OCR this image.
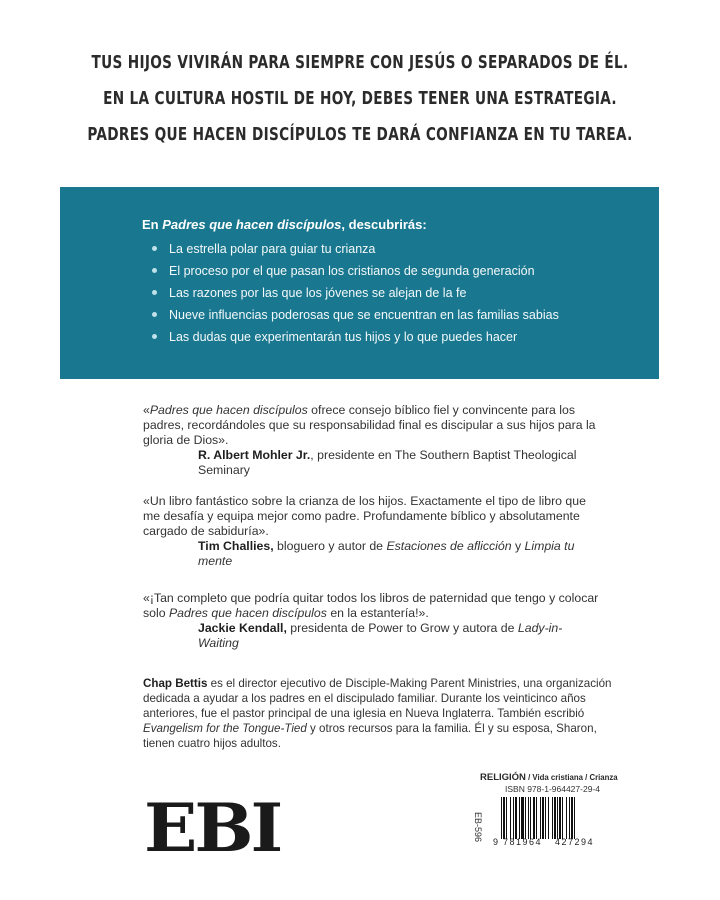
TUS HIJOS VIVIRÁN PARA SIEMPRE CON JESÚS O SEPARADOS DE ÉL.
EN LA CULTURA HOSTIL DE HOY, DEBES TENER UNA ESTRATEGIA.
PADRES QUE HACEN DISCÍPULOS TE DARÁ CONFIANZA EN TU TAREA.
En Padres que hacen discípulos, descubrirás:
La estrella polar para guiar tu crianza
El proceso por el que pasan los cristianos de segunda generación
Las razones por las que los jóvenes se alejan de la fe
Nueve influencias poderosas que se encuentran en las familias sabias
Las dudas que experimentarán tus hijos y lo que puedes hacer
«Padres que hacen discípulos ofrece consejo bíblico fiel y convincente para los padres, recordándoles que su responsabilidad final es discipular a sus hijos para la gloria de Dios».
R. Albert Mohler Jr., presidente en The Southern Baptist Theological Seminary
«Un libro fantástico sobre la crianza de los hijos. Exactamente el tipo de libro que me desafía y equipa mejor como padre. Profundamente bíblico y absolutamente cargado de sabiduría».
Tim Challies, bloguero y autor de Estaciones de aflicción y Limpia tu mente
«¡Tan completo que podría quitar todos los libros de paternidad que tengo y colocar solo Padres que hacen discípulos en la estantería!».
Jackie Kendall, presidenta de Power to Grow y autora de Lady-in-Waiting
Chap Bettis es el director ejecutivo de Disciple-Making Parent Ministries, una organización dedicada a ayudar a los padres en el discipulado familiar. Durante los veinticinco años anteriores, fue el pastor principal de una iglesia en Nueva Inglaterra. También escribió Evangelism for the Tongue-Tied y otros recursos para la familia. Él y su esposa, Sharon, tienen cuatro hijos adultos.
RELIGIÓN / Vida cristiana / Crianza
EBI	ISBN 978-1-964427-29-4
EB-596 9 781964 427294
